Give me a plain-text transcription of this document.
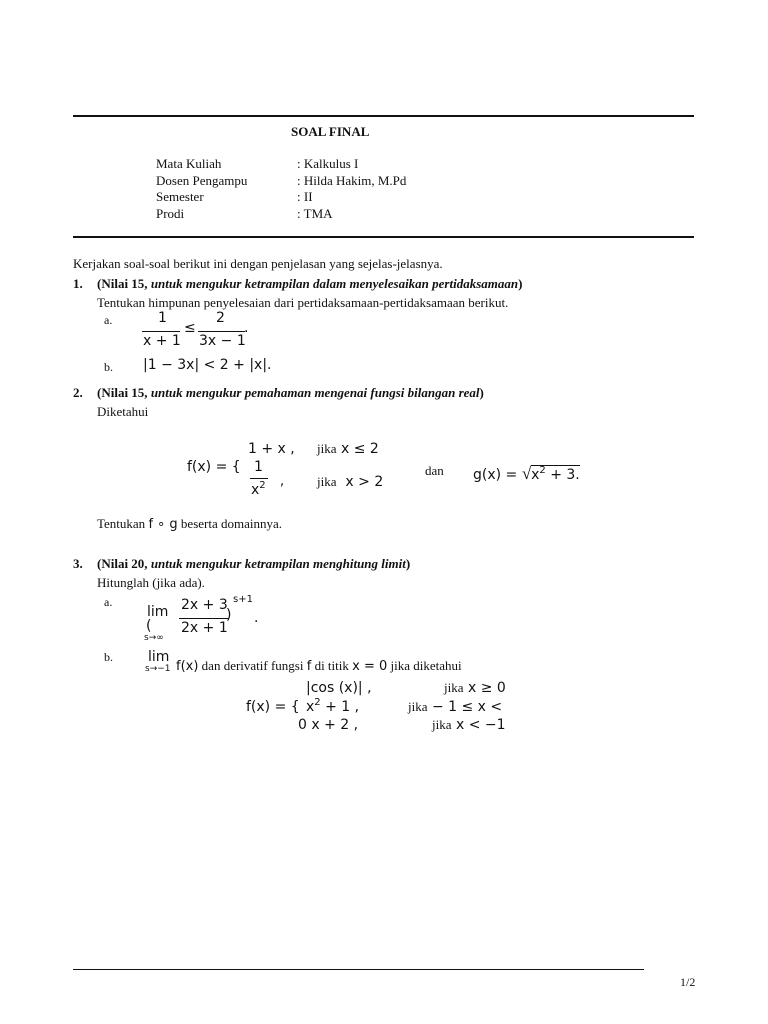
SOAL FINAL
Mata Kuliah	: Kalkulus I
Dosen Pengampu	: Hilda Hakim, M.Pd
Semester	: II
Prodi	: TMA
Kerjakan soal-soal berikut ini dengan penjelasan yang sejelas-jelasnya.
1. (Nilai 15, untuk mengukur ketrampilan dalam menyelesaikan pertidaksamaan)
Tentukan himpunan penyelesaian dari pertidaksamaan-pertidaksamaan berikut.
a.	1
x + 1
≤
2
3x − 1
.
b. |1 − 3x| < 2 + |x|.
2. (Nilai 15, untuk mengukur pemahaman mengenai fungsi bilangan real)
Diketahui
f(x) = {
1 + x , jika x ≤ 2
1
$x^2$ ,	jika x > 2
dan $g(x) = √x^2 + 3$.
Tentukan f ∘ g beserta domainnya.
3. (Nilai 20, untuk mengukur ketrampilan menghitung limit)
Hitunglah (jika ada).
a.
lim
(
s→∞
2x + 3
2x + 1
)
s+1
.
b.	lim
s→−1 f(x) dan derivatif fungsi f di titik x = 0 jika diketahui
f(x) = {
|cos (x)| ,	jika x ≥ 0
$x^2 + 1$ ,	jika − 1 ≤ x <
0 x + 2 ,	jika x < −1
1/2
